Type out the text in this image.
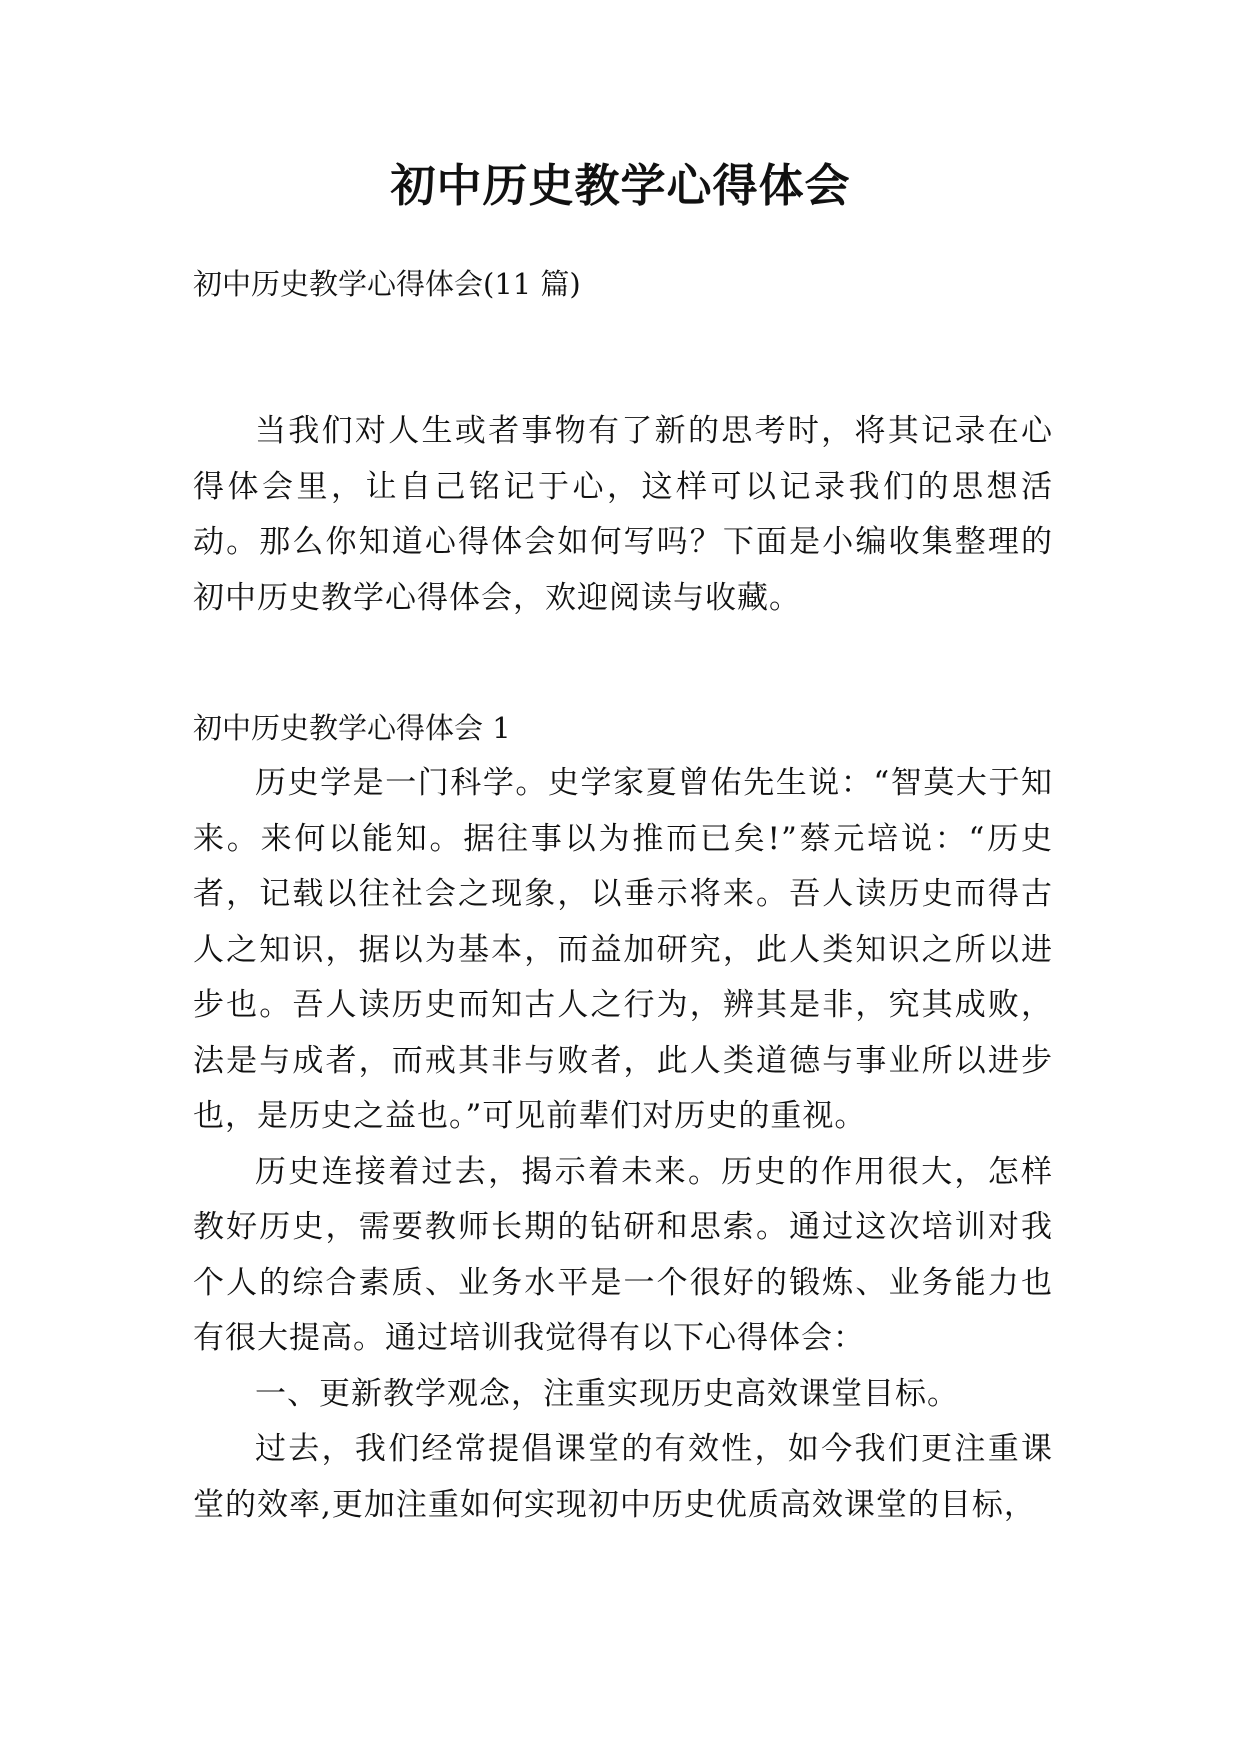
初中历史教学心得体会
初中历史教学心得体会(11 篇)

当我们对人生或者事物有了新的思考时，将其记录在心得体会里，让自己铭记于心，这样可以记录我们的思想活动。那么你知道心得体会如何写吗？下面是小编收集整理的初中历史教学心得体会，欢迎阅读与收藏。

初中历史教学心得体会 1

历史学是一门科学。史学家夏曾佑先生说：“智莫大于知来。来何以能知。据往事以为推而已矣!”蔡元培说：“历史者，记载以往社会之现象，以垂示将来。吾人读历史而得古人之知识，据以为基本，而益加研究，此人类知识之所以进步也。吾人读历史而知古人之行为，辨其是非，究其成败，法是与成者，而戒其非与败者，此人类道德与事业所以进步也，是历史之益也。”可见前辈们对历史的重视。

历史连接着过去，揭示着未来。历史的作用很大，怎样教好历史，需要教师长期的钻研和思索。通过这次培训对我个人的综合素质、业务水平是一个很好的锻炼、业务能力也有很大提高。通过培训我觉得有以下心得体会：

一、更新教学观念，注重实现历史高效课堂目标。

过去，我们经常提倡课堂的有效性，如今我们更注重课堂的效率,更加注重如何实现初中历史优质高效课堂的目标，
